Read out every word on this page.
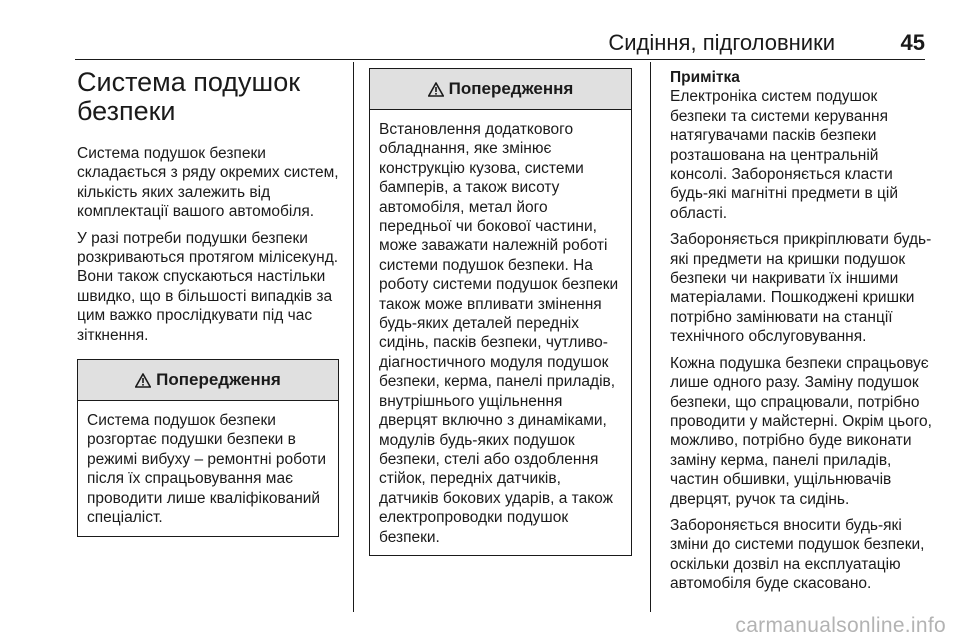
Сидіння, підголовники	45
Система подушок
безпеки

Система подушок безпеки складається з ряду окремих систем, кількість яких залежить від комплектації вашого автомобіля.

У разі потреби подушки безпеки розкриваються протягом мілісекунд. Вони також спускаються настільки швидко, що в більшості випадків за цим важко прослідкувати під час зіткнення.

Попередження
Система подушок безпеки розгортає подушки безпеки в режимі вибуху – ремонтні роботи після їх спрацьовування має проводити лише кваліфікований спеціаліст.
Попередження
Встановлення додаткового обладнання, яке змінює конструкцію кузова, системи бамперів, а також висоту автомобіля, метал його передньої чи бокової частини, може заважати належній роботі системи подушок безпеки. На роботу системи подушок безпеки також може впливати змінення будь-яких деталей передніх сидінь, пасків безпеки, чутливо-діагностичного модуля подушок безпеки, керма, панелі приладів, внутрішнього ущільнення дверцят включно з динаміками, модулів будь-яких подушок безпеки, стелі або оздоблення стійок, передніх датчиків, датчиків бокових ударів, а також електропроводки подушок безпеки.

Примітка

Електроніка систем подушок безпеки та системи керування натягувачами пасків безпеки розташована на центральній консолі. Забороняється класти будь-які магнітні предмети в цій області.

Забороняється прикріплювати будь-які предмети на кришки подушок безпеки чи накривати їх іншими матеріалами. Пошкоджені кришки потрібно замінювати на станції технічного обслуговування.

Кожна подушка безпеки спрацьовує лише одного разу. Заміну подушок безпеки, що спрацювали, потрібно проводити у майстерні. Окрім цього, можливо, потрібно буде виконати заміну керма, панелі приладів, частин обшивки, ущільнювачів дверцят, ручок та сидінь.

Забороняється вносити будь-які зміни до системи подушок безпеки, оскільки дозвіл на експлуатацію автомобіля буде скасовано.

carmanualsonline.info
